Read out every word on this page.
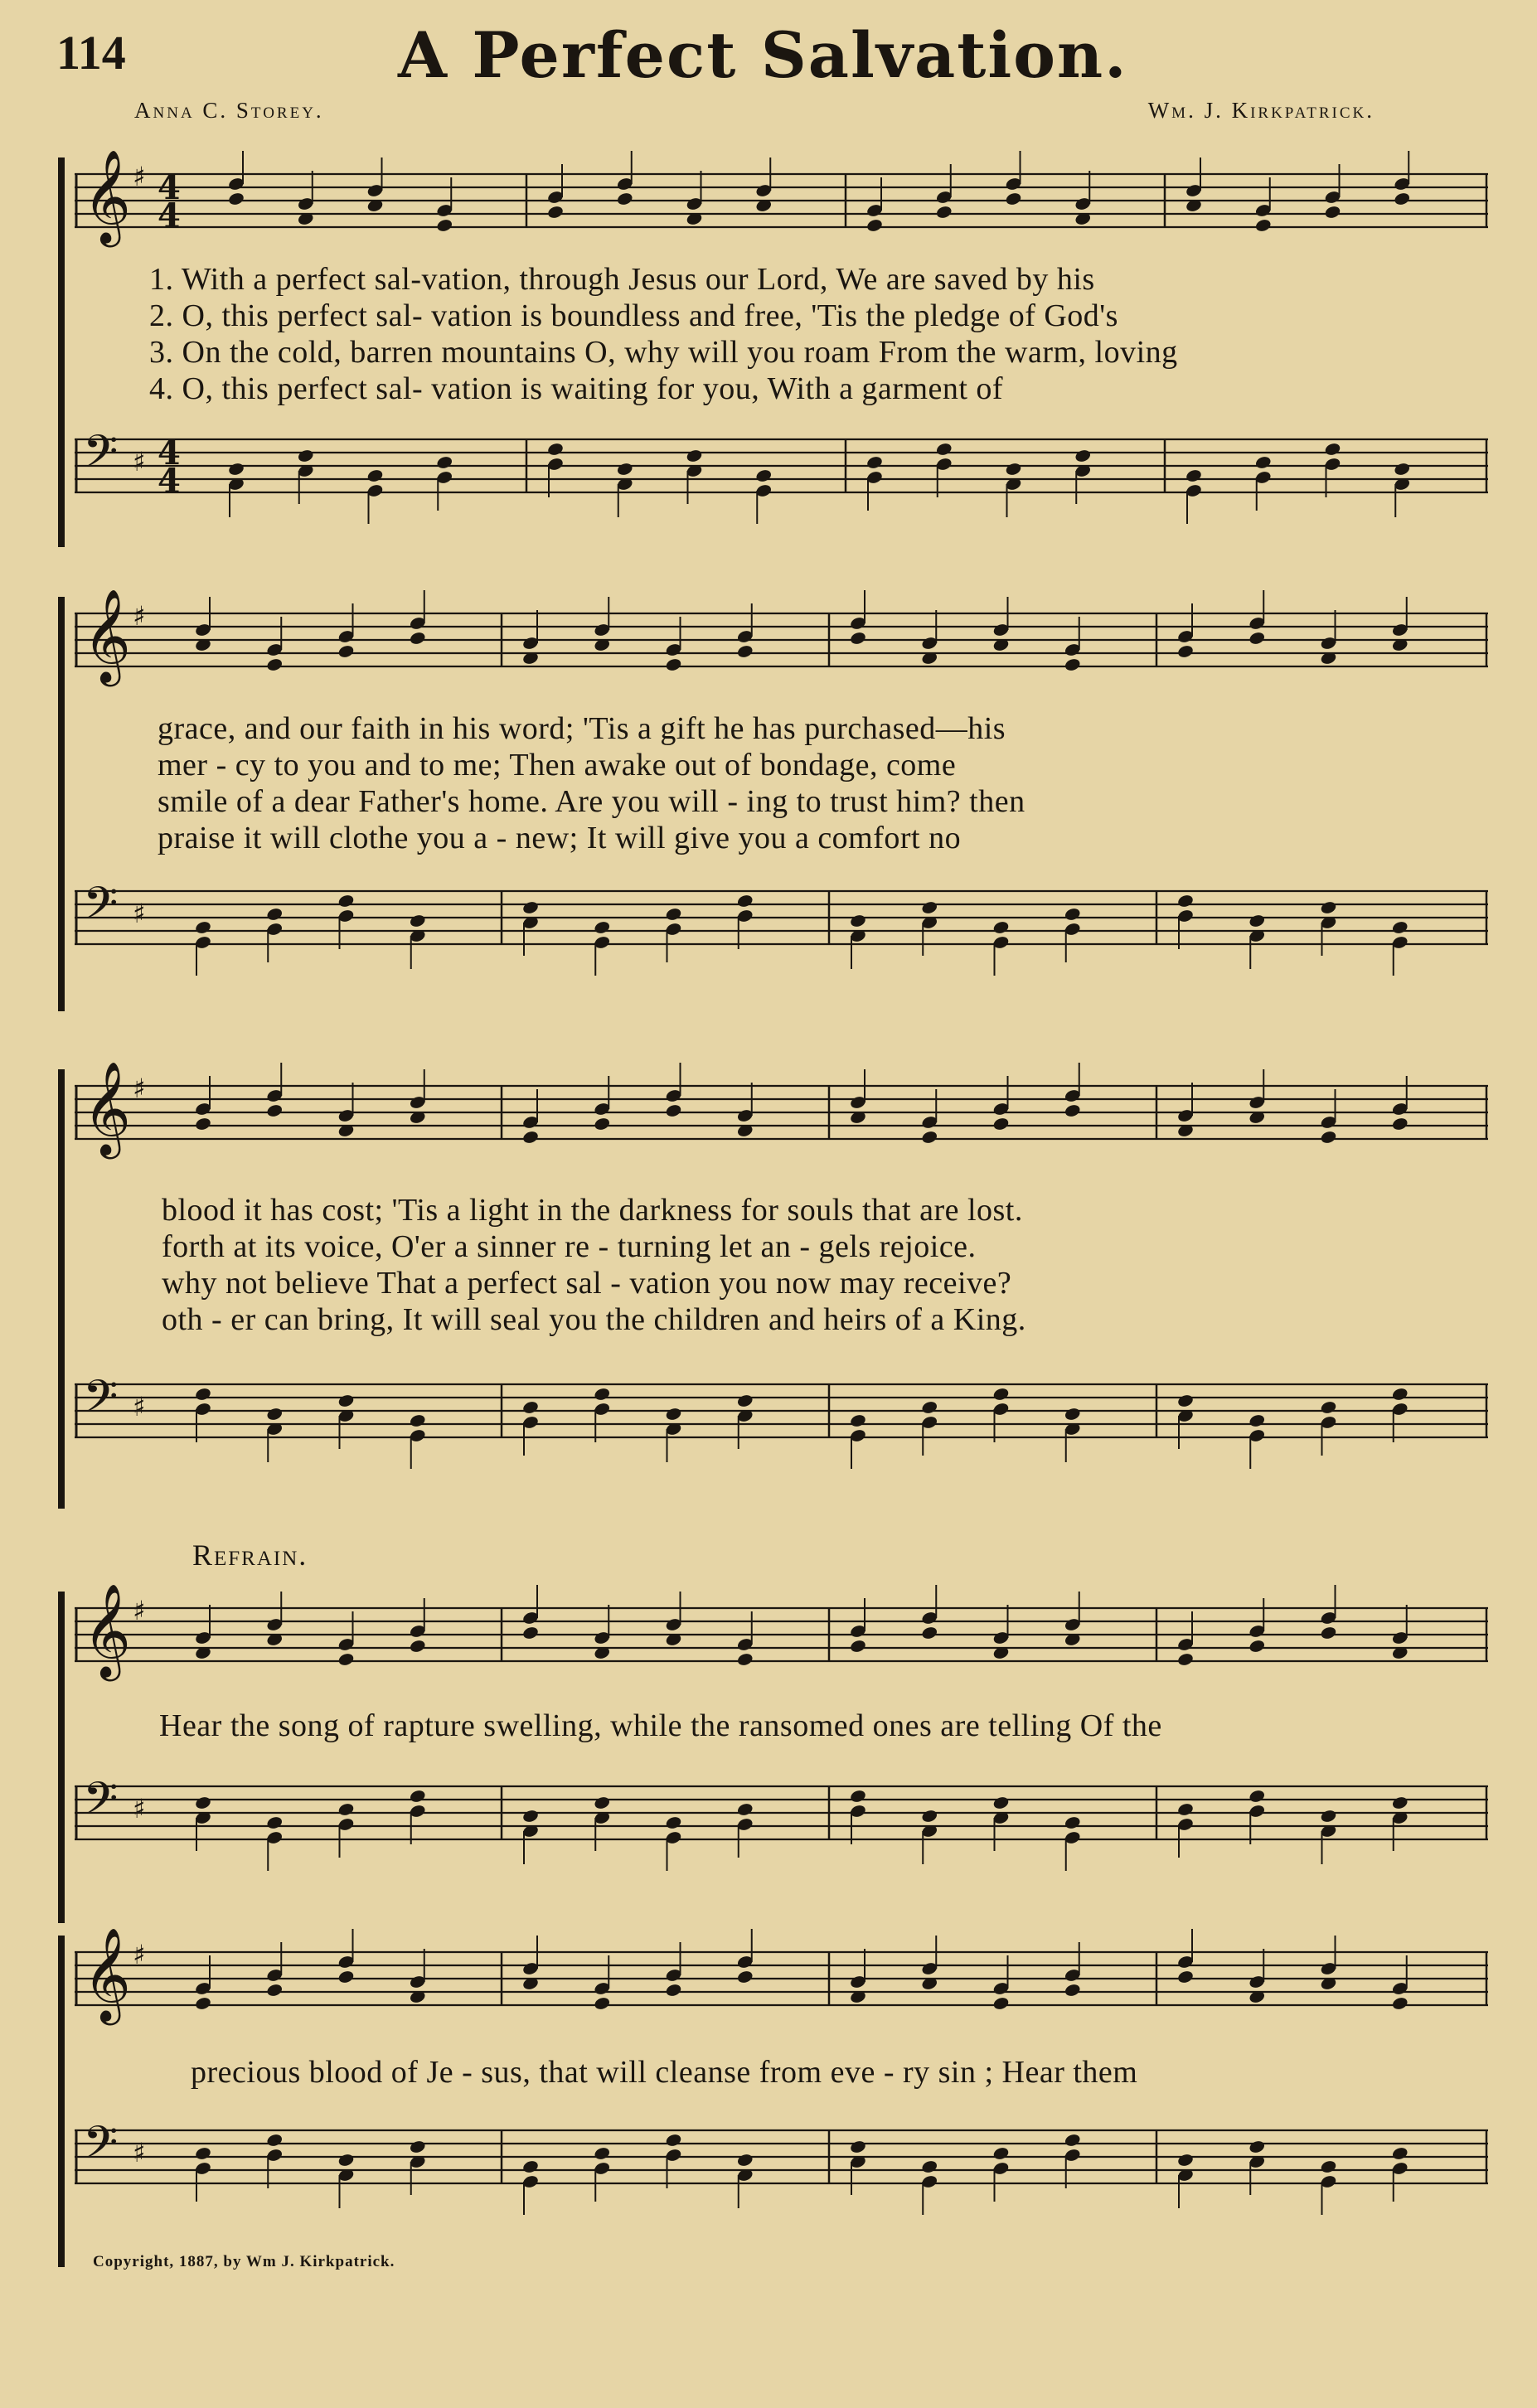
114	A Perfect Salvation.
Anna C. Storey.	Wm. J. Kirkpatrick.
𝄞 ♯ 4
4
1. With a perfect sal-vation, through Jesus our Lord, We are saved by his
2. O, this perfect sal- vation is boundless and free, 'Tis the pledge of God's
3. On the cold, barren mountains O, why will you roam From the warm, loving
4. O, this perfect sal- vation is waiting for you, With a garment of
𝄢 ♯ 4
4
𝄞 ♯
grace, and our faith in his word; 'Tis a gift he has purchased—his
mer - cy to you and to me; Then awake out of bondage, come
smile of a dear Father's home. Are you will - ing to trust him? then
praise it will clothe you a - new; It will give you a comfort no
𝄢 ♯
𝄞 ♯
blood it has cost; 'Tis a light in the darkness for souls that are lost.
forth at its voice, O'er a sinner re - turning let an - gels rejoice.
why not believe That a perfect sal - vation you now may receive?
oth - er can bring, It will seal you the children and heirs of a King.
𝄢 ♯
Refrain.
𝄞 ♯
Hear the song of rapture swelling, while the ransomed ones are telling Of the
𝄢 ♯
𝄞 ♯
precious blood of Je - sus, that will cleanse from eve - ry sin ; Hear them
𝄢 ♯
Copyright, 1887, by Wm J. Kirkpatrick.
